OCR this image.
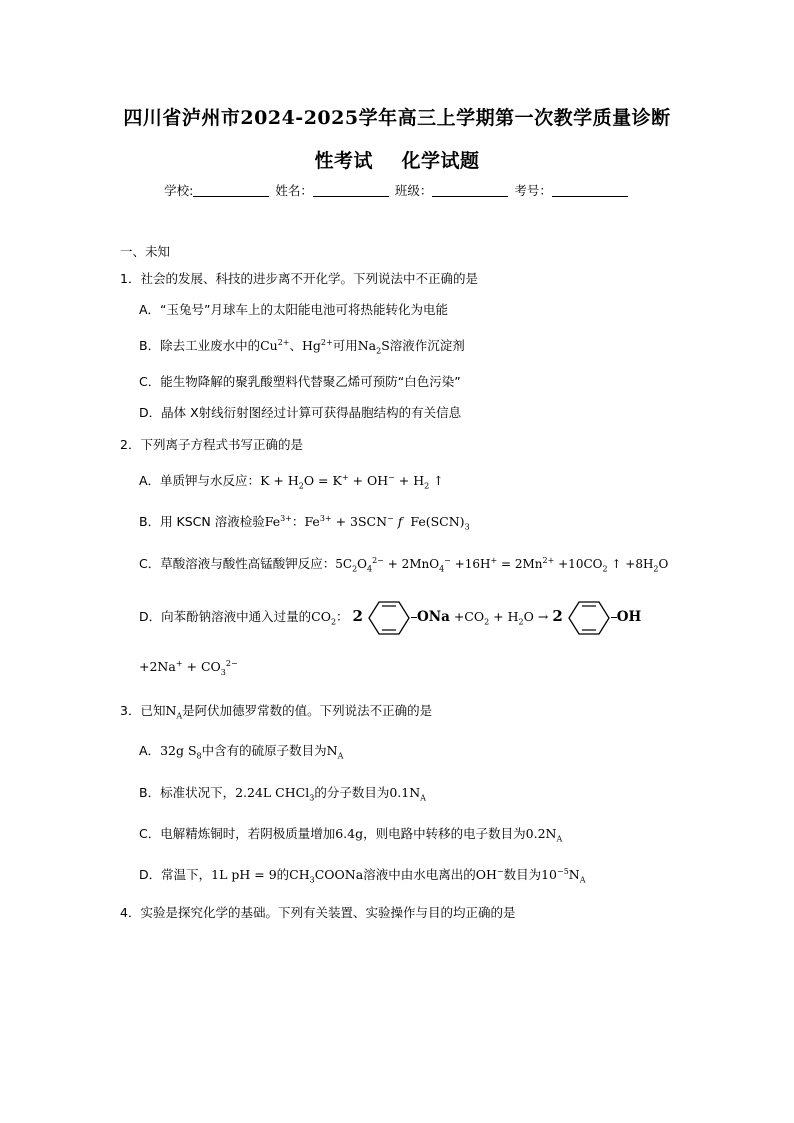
四川省泸州市2024-2025学年高三上学期第一次教学质量诊断
性考试    化学试题
学校:	姓名：	班级：	考号：
一、未知
1．社会的发展、科技的进步离不开化学。下列说法中不正确的是
A．“玉兔号”月球车上的太阳能电池可将热能转化为电能
B．除去工业废水中的$Cu^{2+}$、$Hg^{2+}$可用$Na_2S$溶液作沉淀剂
C．能生物降解的聚乳酸塑料代替聚乙烯可预防“白色污染”
D．晶体 X射线衍射图经过计算可获得晶胞结构的有关信息
2．下列离子方程式书写正确的是
A．单质钾与水反应：$K + H_2O = K^+ + OH^- + H_2$ ↑
B．用 KSCN 溶液检验$Fe^{3+}$：$Fe^{3+} + 3SCN^-$ f  $Fe(SCN)_3$
C．草酸溶液与酸性高锰酸钾反应：$5C_2O_4^{2-} + 2MnO_4^- +16H^+ = 2Mn^{2+} +10CO_2$ ↑ $+8H_2O$
D．向苯酚钠溶液中通入过量的$CO_2$： 2	ONa $+CO_2 + H_2O \to 2$	OH
$+2Na^+ + CO_3^{2-}$
3．已知$N_A$是阿伏加德罗常数的值。下列说法不正确的是
A．32g $S_8$中含有的硫原子数目为$N_A$
B．标准状况下，2.24L CHCl$_3$的分子数目为$0.1N_A$
C．电解精炼铜时，若阴极质量增加6.4g，则电路中转移的电子数目为$0.2N_A$
D．常温下，1L pH = 9的$CH_3COONa$溶液中由水电离出的OH−数目为$10^{-5}N_A$
4．实验是探究化学的基础。下列有关装置、实验操作与目的均正确的是
